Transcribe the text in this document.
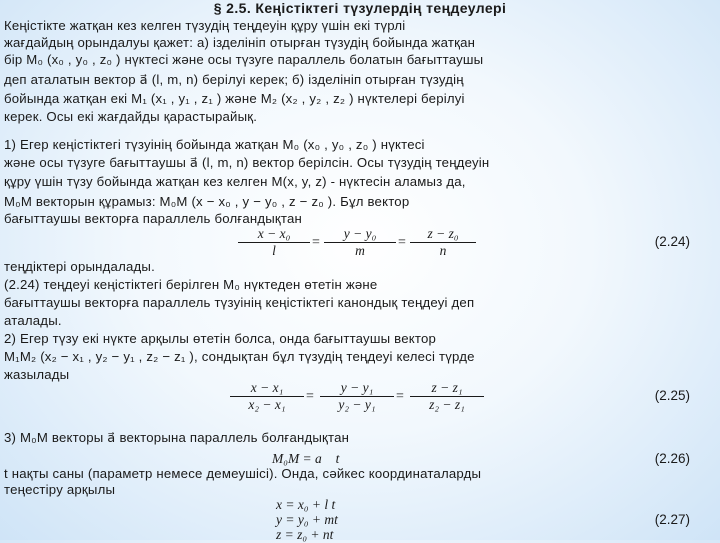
§ 2.5. Кеңістіктегі түзулердің теңдеулері
Кеңістікте жатқан кез келген түзудің теңдеуін құру үшін екі түрлі
жағдайдың орындалуы қажет: а) ізделініп отырған түзудің бойында жатқан
бір M₀ (x₀ , y₀ , z₀ ) нүктесі және осы түзуге параллель болатын бағыттаушы
деп аталатын вектор a⃗ (l, m, n) берілуі керек; б) ізделініп отырған түзудің
бойында жатқан екі M₁ (x₁ , y₁ , z₁ ) және M₂ (x₂ , y₂ , z₂ ) нүктелері берілуі
керек. Осы екі жағдайды қарастырайық.
1) Егер кеңістіктегі түзуінің бойында жатқан M₀ (x₀ , y₀ , z₀ ) нүктесі
және осы түзуге бағыттаушы a⃗ (l, m, n) вектор берілсін. Осы түзудің теңдеуін
құру үшін түзу бойында жатқан кез келген M(x, y, z) - нүктесін аламыз да,
M₀M векторын құрамыз: M₀M (x − x₀ , y − y₀ , z − z₀ ). Бұл вектор
бағыттаушы векторға параллель болғандықтан
$\frac{\text{x − x₀}}{l} = \frac{\text{y − y₀}}{m} = \frac{\text{z − z₀}}{n}$	(2.24)
теңдіктері орындалады.
(2.24) теңдеуі кеңістіктегі берілген M₀ нүктеден өтетін және
бағыттаушы векторға параллель түзуінің кеңістіктегі канондық теңдеуі деп
аталады.
2) Егер түзу екі нүкте арқылы өтетін болса, онда бағыттаушы вектор
M₁M₂ (x₂ − x₁ , y₂ − y₁ , z₂ − z₁ ), сондықтан бұл түзудің теңдеуі келесі түрде
жазылады
$\frac{\text{x − x₁}}{\text{x₂ − x₁}} = \frac{\text{y − y₁}}{\text{y₂ − y₁}} = \frac{\text{z − z₁}}{\text{z₂ − z₁}}$	(2.25)
3) M₀M векторы a⃗ векторына параллель болғандықтан
M₀M = a⃗ t	(2.26)
t нақты саны (параметр немесе демеушісі). Онда, сәйкес координаталарды
теңестіру арқылы
x = x₀ + l t
y = y₀ + mt
z = z₀ + nt
(2.27)
